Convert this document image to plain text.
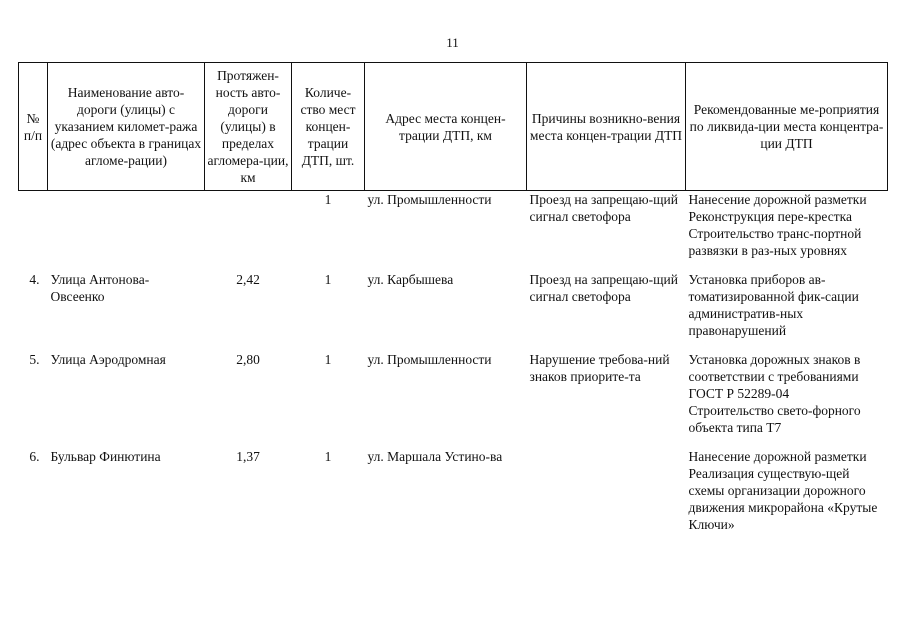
11
№ п/п	Наименование авто-дороги (улицы) с указанием километ-ража (адрес объекта в границах агломе-рации)	Протяжен-ность авто-дороги (улицы) в пределах агломера-ции, км	Количе-ство мест концен-трации ДТП, шт.	Адрес места концен-трации ДТП, км	Причины возникно-вения места концен-трации ДТП	Рекомендованные ме-роприятия по ликвида-ции места концентра-ции ДТП
			1	ул. Промышленности	Проезд на запрещаю-щий сигнал светофора	Нанесение дорожной разметки
Реконструкция пере-крестка
Строительство транс-портной развязки в раз-ных уровнях

4.	Улица Антонова-Овсеенко	2,42	1	ул. Карбышева	Проезд на запрещаю-щий сигнал светофора	Установка приборов ав-томатизированной фик-сации административ-ных правонарушений

5.	Улица Аэродромная	2,80	1	ул. Промышленности	Нарушение требова-ний знаков приорите-та	Установка дорожных знаков в соответствии с требованиями ГОСТ Р 52289-04
Строительство свето-форного объекта типа Т7

6.	Бульвар Финютина	1,37	1	ул. Маршала Устино-ва		Нанесение дорожной разметки
Реализация существую-щей схемы организации дорожного движения микрорайона «Крутые Ключи»
